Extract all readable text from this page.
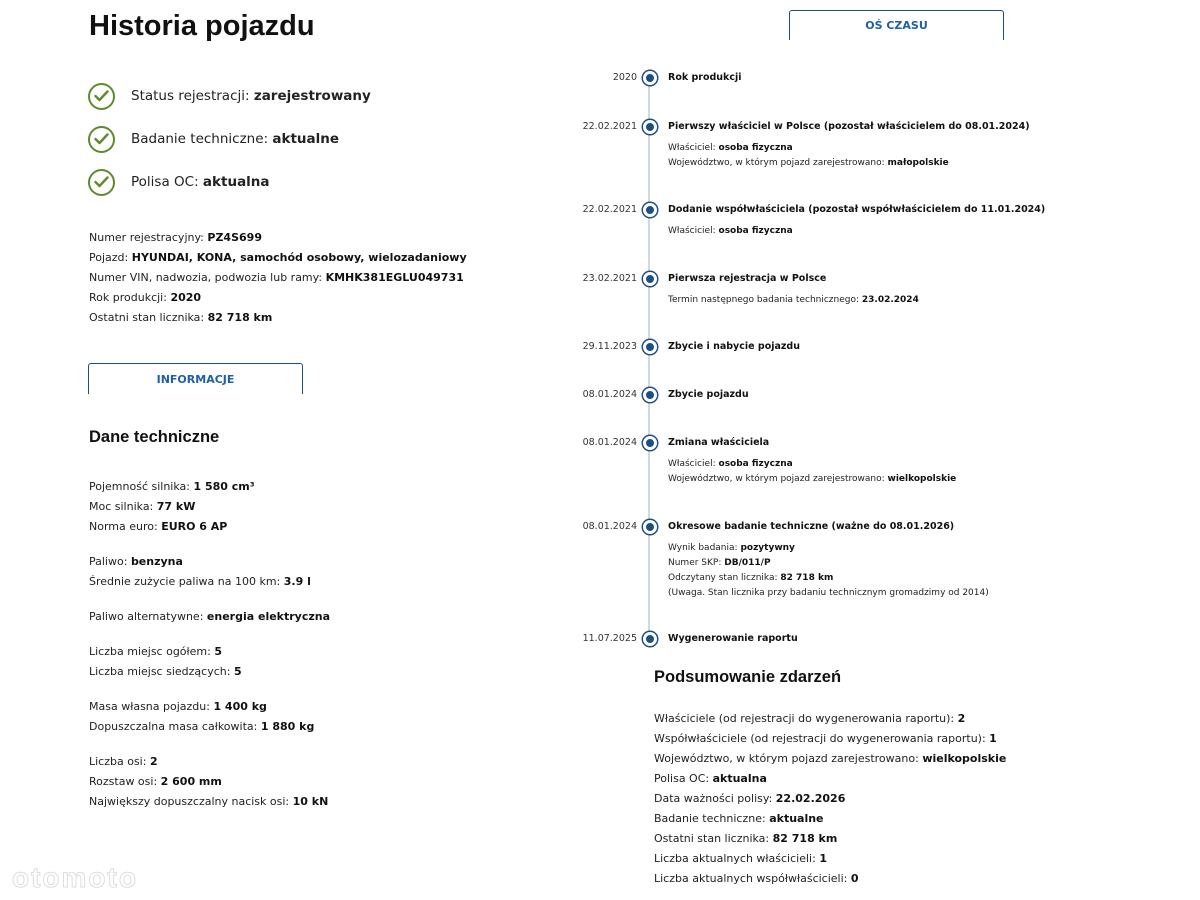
Historia pojazdu
Status rejestracji: zarejestrowany
Badanie techniczne: aktualne
Polisa OC: aktualna
Numer rejestracyjny: PZ4S699
Pojazd: HYUNDAI, KONA, samochód osobowy, wielozadaniowy
Numer VIN, nadwozia, podwozia lub ramy: KMHK381EGLU049731
Rok produkcji: 2020
Ostatni stan licznika: 82 718 km
INFORMACJE
OŚ CZASU
Dane techniczne
Pojemność silnika: 1 580 cm³
Moc silnika: 77 kW
Norma euro: EURO 6 AP
Paliwo: benzyna
Średnie zużycie paliwa na 100 km: 3.9 l
Paliwo alternatywne: energia elektryczna
Liczba miejsc ogółem: 5
Liczba miejsc siedzących: 5
Masa własna pojazdu: 1 400 kg
Dopuszczalna masa całkowita: 1 880 kg
Liczba osi: 2
Rozstaw osi: 2 600 mm
Największy dopuszczalny nacisk osi: 10 kN
2020	Rok produkcji
22.02.2021	Pierwszy właściciel w Polsce (pozostał właścicielem do 08.01.2024)
Właściciel: osoba fizyczna
Województwo, w którym pojazd zarejestrowano: małopolskie
22.02.2021	Dodanie współwłaściciela (pozostał współwłaścicielem do 11.01.2024)
Właściciel: osoba fizyczna
23.02.2021	Pierwsza rejestracja w Polsce
Termin następnego badania technicznego: 23.02.2024
29.11.2023	Zbycie i nabycie pojazdu
08.01.2024	Zbycie pojazdu
08.01.2024	Zmiana właściciela
Właściciel: osoba fizyczna
Województwo, w którym pojazd zarejestrowano: wielkopolskie
08.01.2024	Okresowe badanie techniczne (ważne do 08.01.2026)
Wynik badania: pozytywny
Numer SKP: DB/011/P
Odczytany stan licznika: 82 718 km
(Uwaga. Stan licznika przy badaniu technicznym gromadzimy od 2014)
11.07.2025	Wygenerowanie raportu
Podsumowanie zdarzeń
Właściciele (od rejestracji do wygenerowania raportu): 2
Współwłaściciele (od rejestracji do wygenerowania raportu): 1
Województwo, w którym pojazd zarejestrowano: wielkopolskie
Polisa OC: aktualna
Data ważności polisy: 22.02.2026
Badanie techniczne: aktualne
Ostatni stan licznika: 82 718 km
Liczba aktualnych właścicieli: 1
Liczba aktualnych współwłaścicieli: 0
otomoto
